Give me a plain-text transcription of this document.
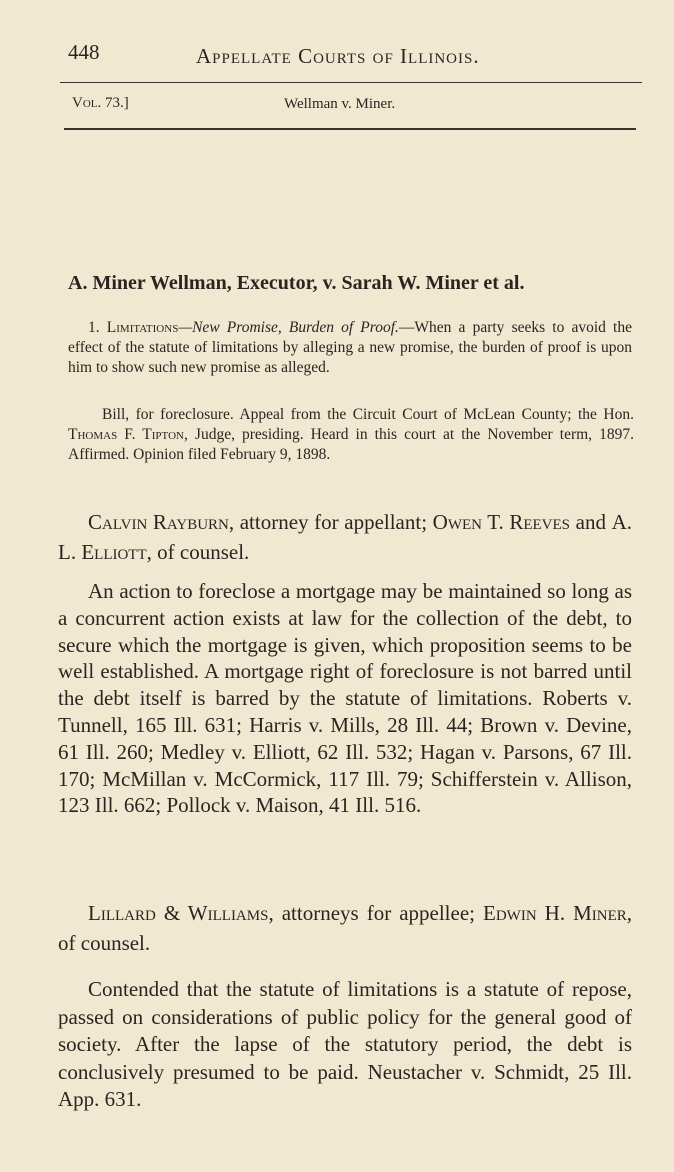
448	Appellate Courts of Illinois.
Vol. 73.]	Wellman v. Miner.
A. Miner Wellman, Executor, v. Sarah W. Miner et al.
1. Limitations—New Promise, Burden of Proof.—When a party seeks to avoid the effect of the statute of limitations by alleging a new promise, the burden of proof is upon him to show such new promise as alleged.
Bill, for foreclosure. Appeal from the Circuit Court of McLean County; the Hon. Thomas F. Tipton, Judge, presiding. Heard in this court at the November term, 1897. Affirmed. Opinion filed February 9, 1898.
Calvin Rayburn, attorney for appellant; Owen T. Reeves and A. L. Elliott, of counsel.
An action to foreclose a mortgage may be maintained so long as a concurrent action exists at law for the collection of the debt, to secure which the mortgage is given, which proposition seems to be well established. A mortgage right of foreclosure is not barred until the debt itself is barred by the statute of limitations. Roberts v. Tunnell, 165 Ill. 631; Harris v. Mills, 28 Ill. 44; Brown v. Devine, 61 Ill. 260; Medley v. Elliott, 62 Ill. 532; Hagan v. Parsons, 67 Ill. 170; McMillan v. McCormick, 117 Ill. 79; Schifferstein v. Allison, 123 Ill. 662; Pollock v. Maison, 41 Ill. 516.
Lillard & Williams, attorneys for appellee; Edwin H. Miner, of counsel.
Contended that the statute of limitations is a statute of repose, passed on considerations of public policy for the general good of society. After the lapse of the statutory period, the debt is conclusively presumed to be paid. Neustacher v. Schmidt, 25 Ill. App. 631.
